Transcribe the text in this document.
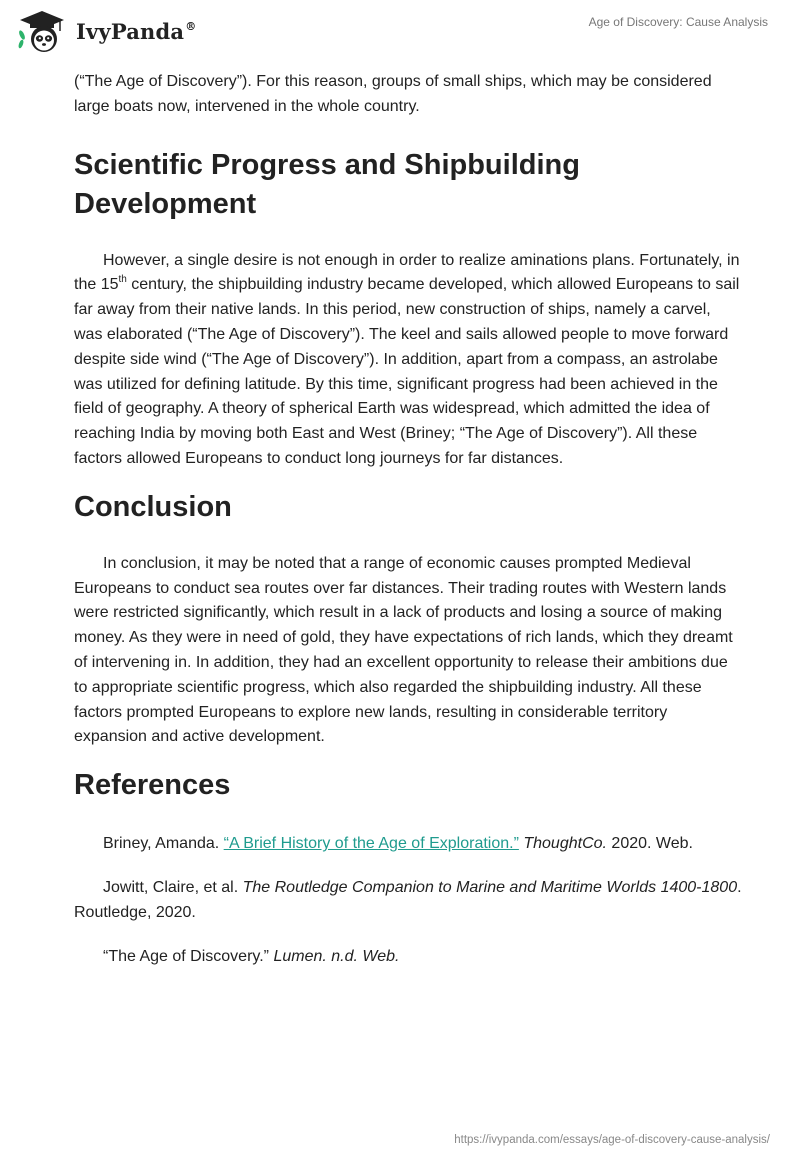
IvyPanda®	Age of Discovery: Cause Analysis

(“The Age of Discovery”). For this reason, groups of small ships, which may be considered large boats now, intervened in the whole country.

Scientific Progress and Shipbuilding Development

However, a single desire is not enough in order to realize aminations plans. Fortunately, in the 15th century, the shipbuilding industry became developed, which allowed Europeans to sail far away from their native lands. In this period, new construction of ships, namely a carvel, was elaborated (“The Age of Discovery”). The keel and sails allowed people to move forward despite side wind (“The Age of Discovery”). In addition, apart from a compass, an astrolabe was utilized for defining latitude. By this time, significant progress had been achieved in the field of geography. A theory of spherical Earth was widespread, which admitted the idea of reaching India by moving both East and West (Briney; “The Age of Discovery”). All these factors allowed Europeans to conduct long journeys for far distances.

Conclusion

In conclusion, it may be noted that a range of economic causes prompted Medieval Europeans to conduct sea routes over far distances. Their trading routes with Western lands were restricted significantly, which result in a lack of products and losing a source of making money. As they were in need of gold, they have expectations of rich lands, which they dreamt of intervening in. In addition, they had an excellent opportunity to release their ambitions due to appropriate scientific progress, which also regarded the shipbuilding industry. All these factors prompted Europeans to explore new lands, resulting in considerable territory expansion and active development.

References

Briney, Amanda. “A Brief History of the Age of Exploration.” ThoughtCo. 2020. Web.

Jowitt, Claire, et al. The Routledge Companion to Marine and Maritime Worlds 1400-1800. Routledge, 2020.

“The Age of Discovery.” Lumen. n.d. Web.

https://ivypanda.com/essays/age-of-discovery-cause-analysis/
